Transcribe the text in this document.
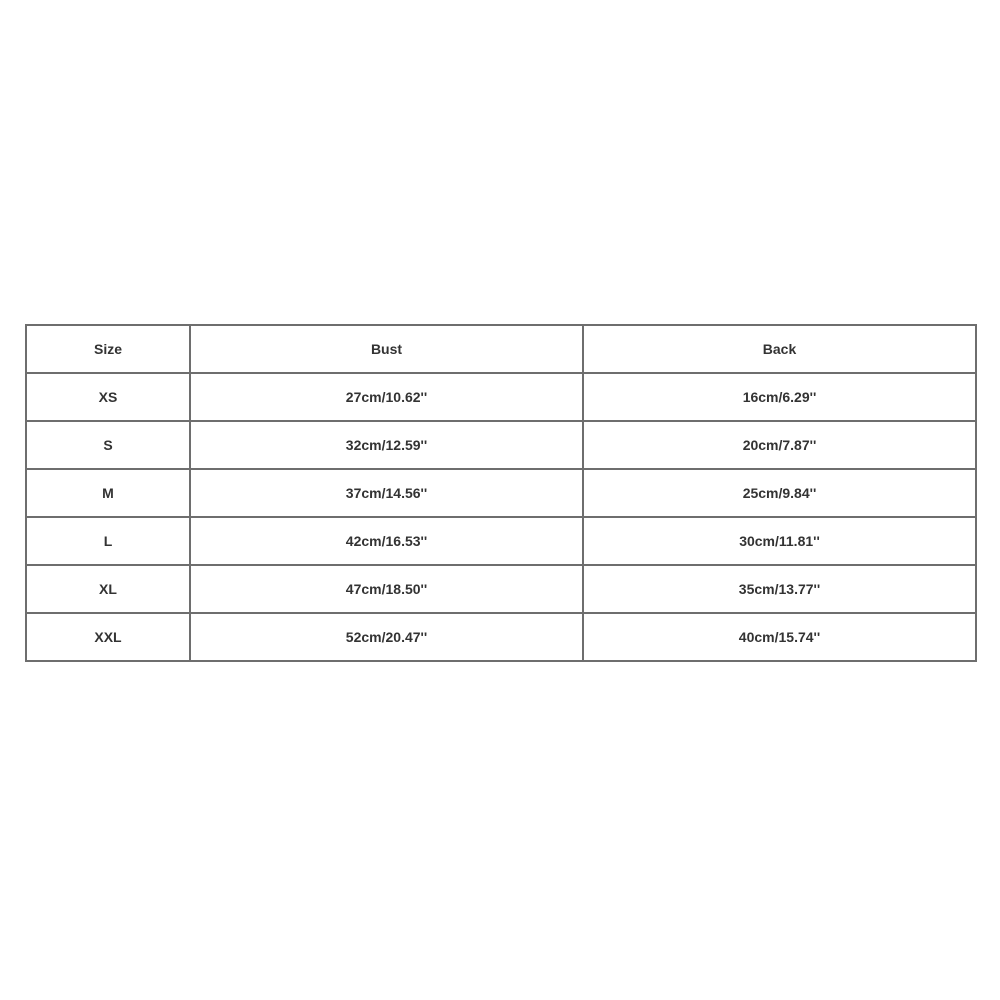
Size	Bust	Back
XS	27cm/10.62''	16cm/6.29''
S	32cm/12.59''	20cm/7.87''
M	37cm/14.56''	25cm/9.84''
L	42cm/16.53''	30cm/11.81''
XL	47cm/18.50''	35cm/13.77''
XXL	52cm/20.47''	40cm/15.74''
